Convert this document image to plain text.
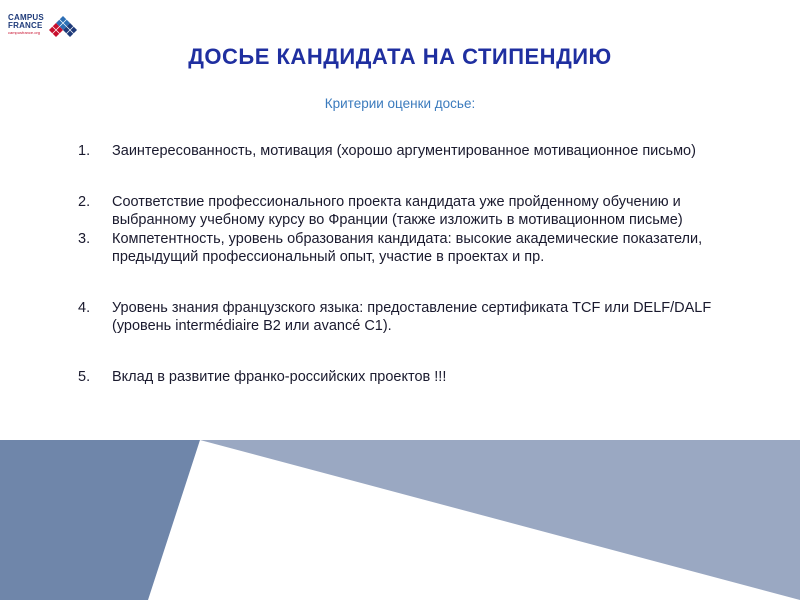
CAMPUS
FRANCE
campusfrance.org
ДОСЬЕ КАНДИДАТА НА СТИПЕНДИЮ

Критерии оценки досье:

1. Заинтересованность, мотивация (хорошо аргументированное мотивационное письмо)
2. Соответствие профессионального проекта кандидата уже пройденному обучению и выбранному учебному курсу во Франции (также изложить в мотивационном письме)
3. Компетентность, уровень образования кандидата: высокие академические показатели, предыдущий профессиональный опыт, участие в проектах и пр.
4. Уровень знания французского языка: предоставление сертификата TCF или DELF/DALF (уровень intermédiaire B2 или avancé C1).
5. Вклад в развитие франко-российских проектов !!!
